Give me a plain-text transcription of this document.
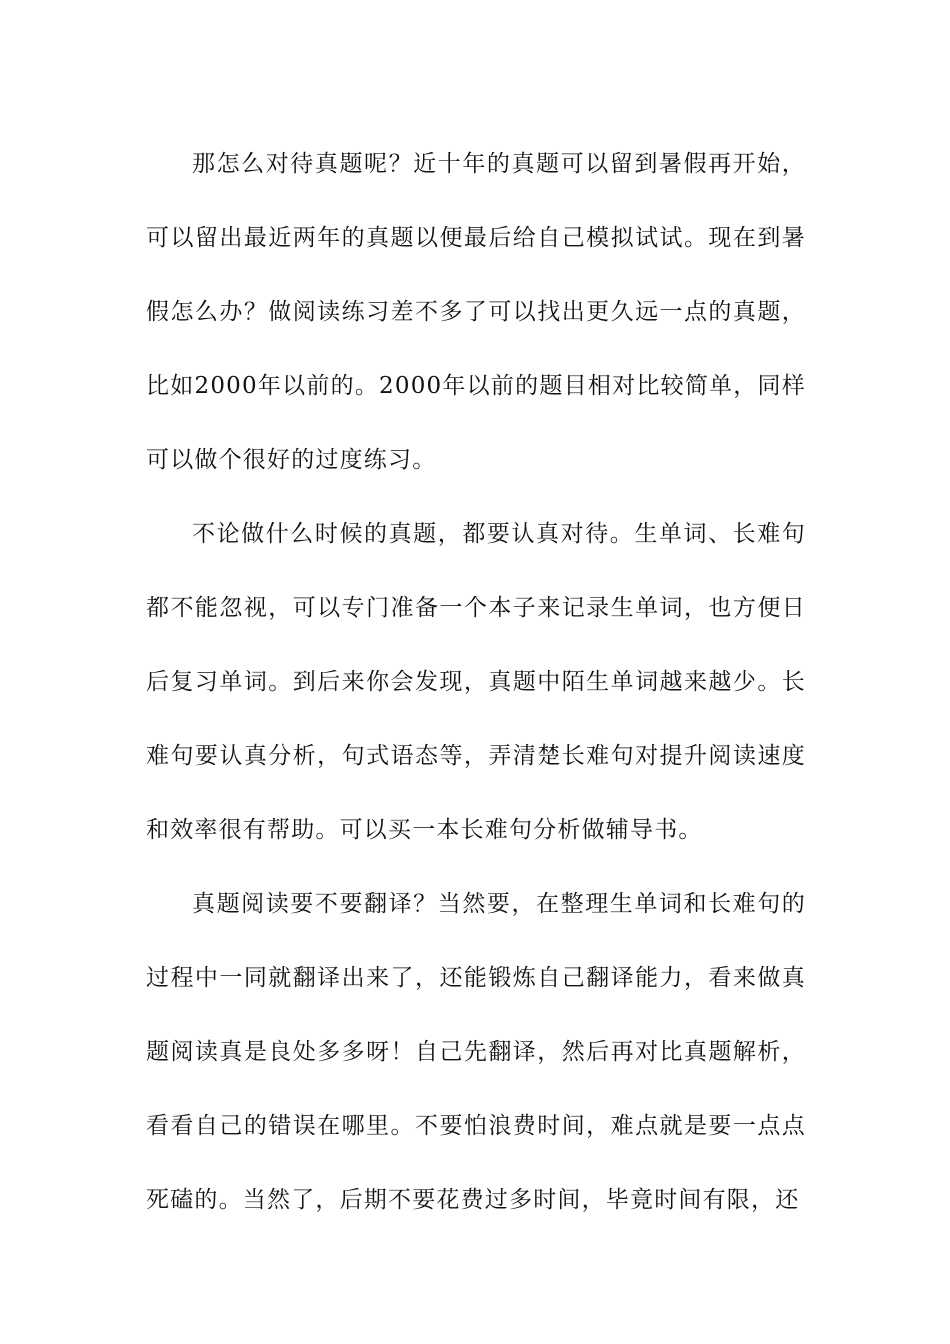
那怎么对待真题呢？近十年的真题可以留到暑假再开始，可以留出最近两年的真题以便最后给自己模拟试试。现在到暑假怎么办？做阅读练习差不多了可以找出更久远一点的真题，比如2000年以前的。2000年以前的题目相对比较简单，同样可以做个很好的过度练习。

不论做什么时候的真题，都要认真对待。生单词、长难句都不能忽视，可以专门准备一个本子来记录生单词，也方便日后复习单词。到后来你会发现，真题中陌生单词越来越少。长难句要认真分析，句式语态等，弄清楚长难句对提升阅读速度和效率很有帮助。可以买一本长难句分析做辅导书。

真题阅读要不要翻译？当然要，在整理生单词和长难句的过程中一同就翻译出来了，还能锻炼自己翻译能力，看来做真题阅读真是良处多多呀！自己先翻译，然后再对比真题解析，看看自己的错误在哪里。不要怕浪费时间，难点就是要一点点死磕的。当然了，后期不要花费过多时间，毕竟时间有限，还
